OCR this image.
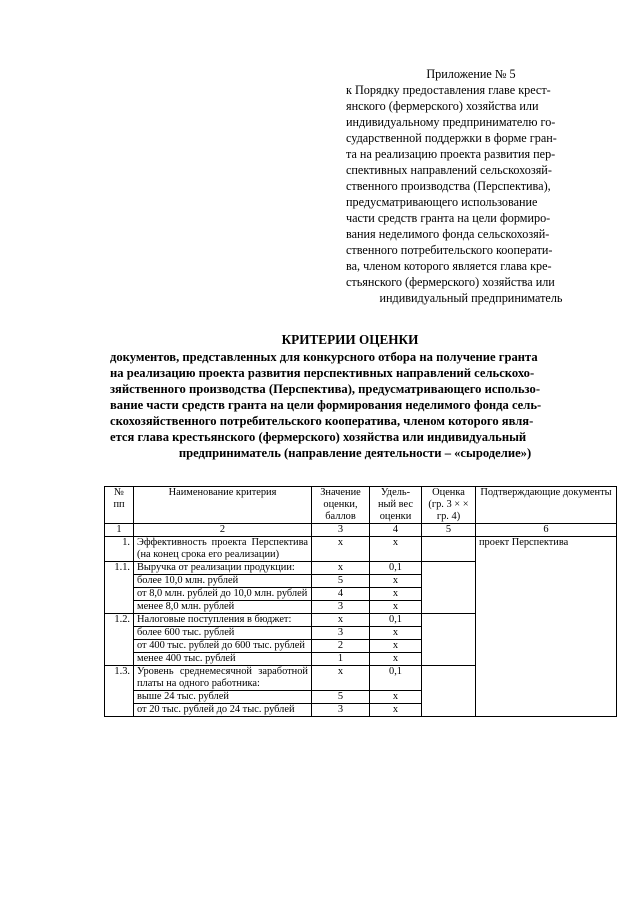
Приложение № 5
к Порядку предоставления главе крест-
янского (фермерского) хозяйства или
индивидуальному предпринимателю го-
сударственной поддержки в форме гран-
та на реализацию проекта развития пер-
спективных направлений сельскохозяй-
ственного производства (Перспектива),
предусматривающего использование
части средств гранта на цели формиро-
вания неделимого фонда сельскохозяй-
ственного потребительского кооперати-
ва, членом которого является глава кре-
стьянского (фермерского) хозяйства или
индивидуальный предприниматель
КРИТЕРИИ ОЦЕНКИ
документов, представленных для конкурсного отбора на получение гранта
на реализацию проекта развития перспективных направлений сельскохо-
зяйственного производства (Перспектива), предусматривающего использо-
вание части средств гранта на цели формирования неделимого фонда сель-
скохозяйственного потребительского кооператива, членом которого явля-
ется глава крестьянского (фермерского) хозяйства или индивидуальный
предприниматель (направление деятельности – «сыроделие»)
№ пп	Наименование критерия	Значение оценки, баллов	Удель-ный вес оценки	Оценка (гр. 3 × × гр. 4)	Подтверждающие документы
1	2	3	4	5	6
1.	Эффективность проекта Перспектива (на конец срока его реализации)	х	х		проект Перспектива
1.1.	Выручка от реализации продукции:	х	0,1		
	более 10,0 млн. рублей	5	х		
	от 8,0 млн. рублей до 10,0 млн. рублей	4	х		
	менее 8,0 млн. рублей	3	х		
1.2.	Налоговые поступления в бюджет:	х	0,1		
	более 600 тыс. рублей	3	х		
	от 400 тыс. рублей до 600 тыс. рублей	2	х		
	менее 400 тыс. рублей	1	х		
1.3.	Уровень среднемесячной заработной платы на одного работника:	х	0,1		
	выше 24 тыс. рублей	5	х		
	от 20 тыс. рублей до 24 тыс. рублей	3	х		
